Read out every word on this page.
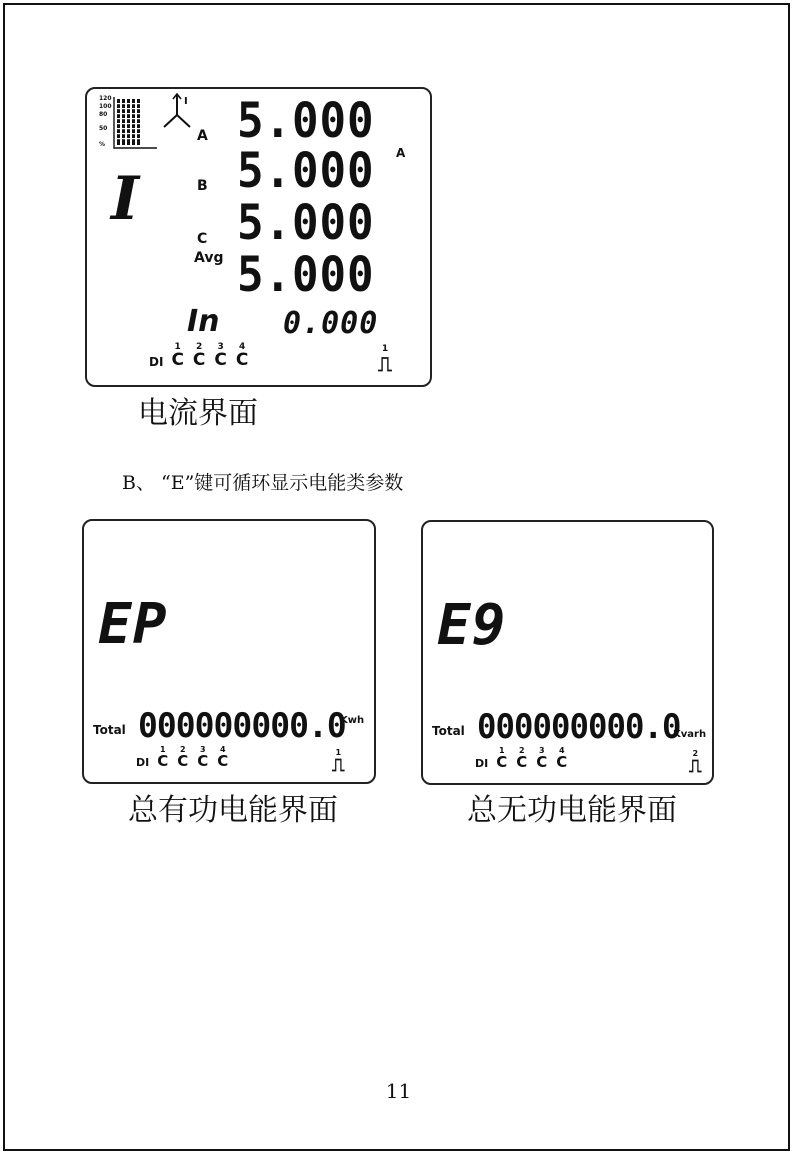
120
100
80
50
%
I
I
A
B
C
Avg
A
5.000
5.000
5.000
5.000
In 0.000
DI
1
C
2
C
3
C
4
C
1
⎍
电流界面
B、 “E”键可循环显示电能类参数
EP
Total 000000000.0
Kwh
DI
1
C
2
C
3
C
4
C	1
⎍
总有功电能界面
E9
Total 000000000.0
Kvarh
DI
1
C
2
C
3
C
4
C	2
⎍
总无功电能界面
11
